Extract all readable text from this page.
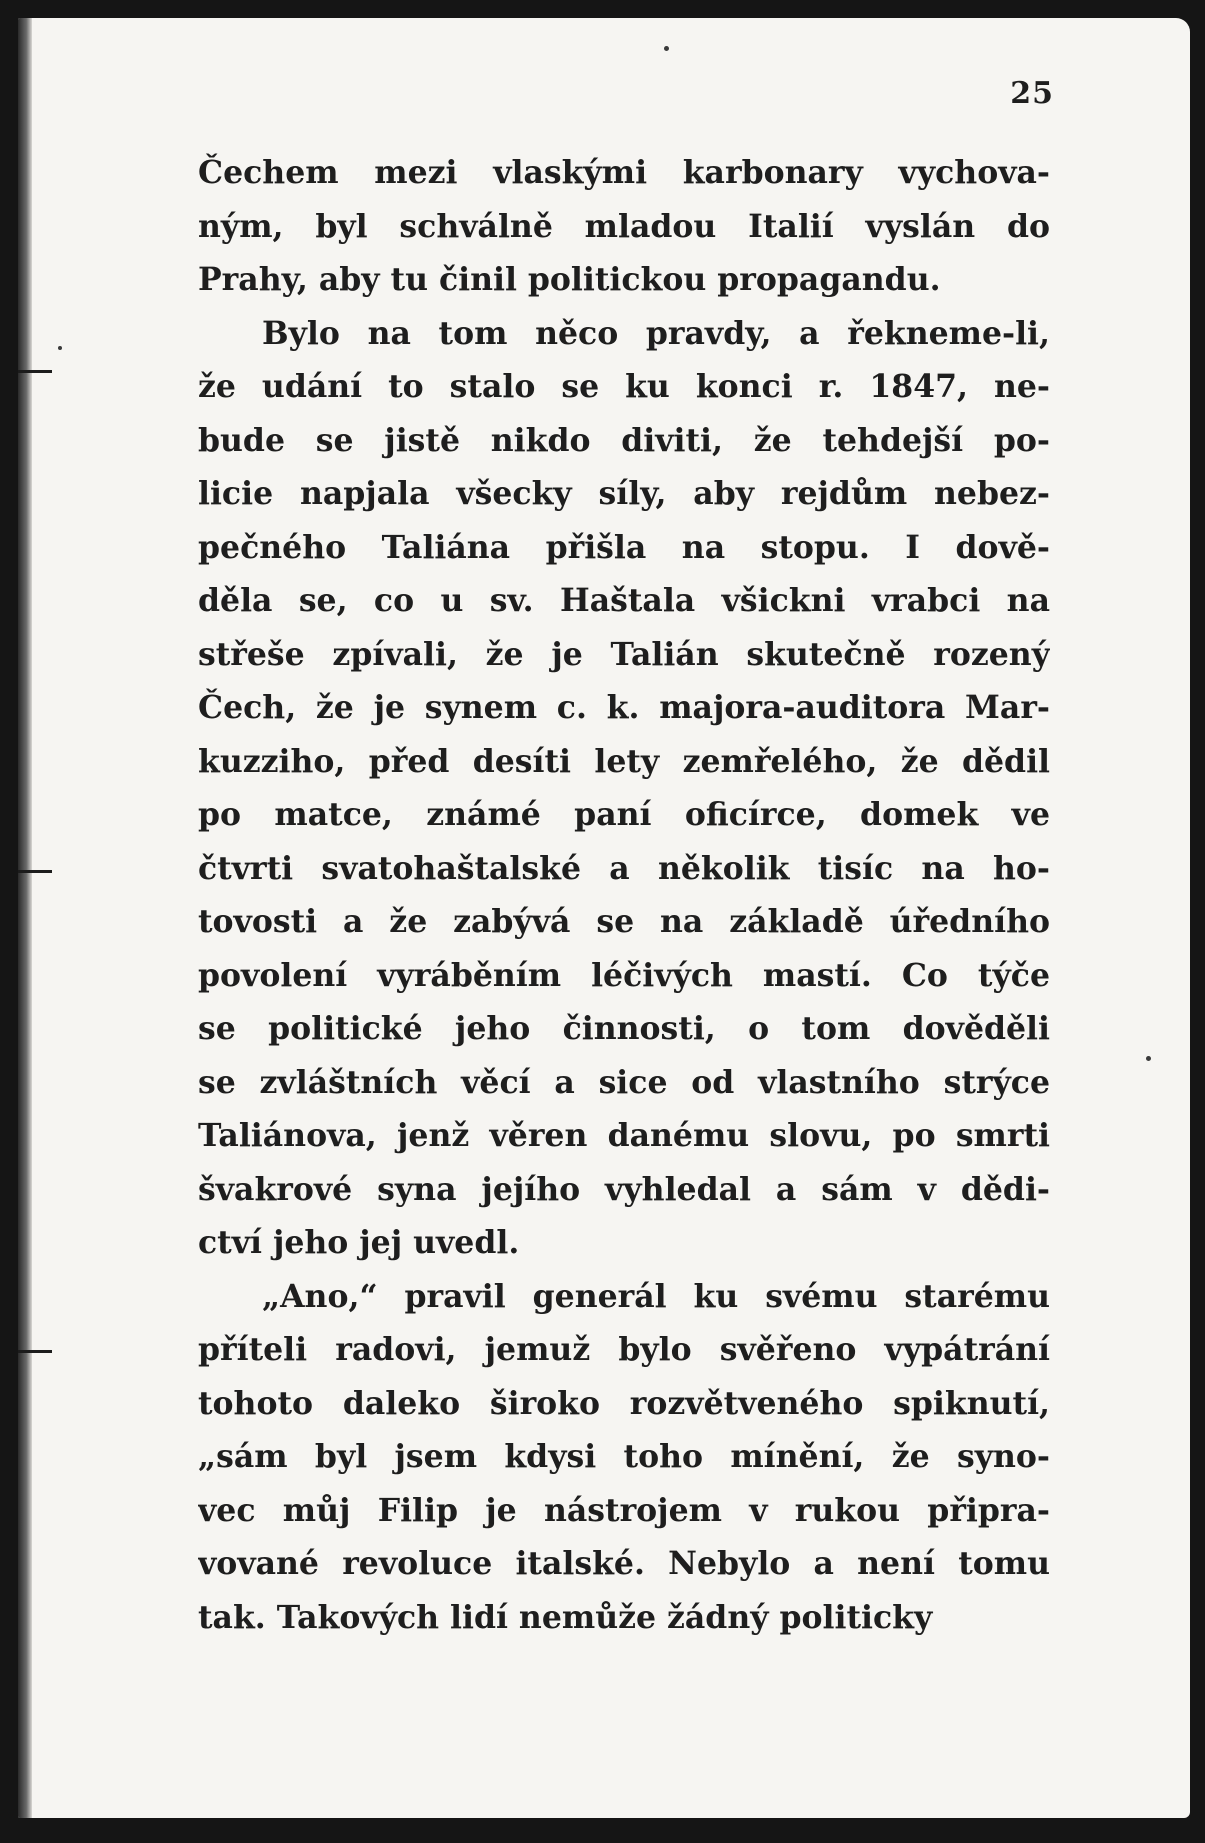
25
Čechem mezi vlaskými karbonary vychova-
ným, byl schválně mladou Italií vyslán do
Prahy, aby tu činil politickou propagandu.
Bylo na tom něco pravdy, a řekneme-li,
že udání to stalo se ku konci r. 1847, ne-
bude se jistě nikdo diviti, že tehdejší po-
licie napjala všecky síly, aby rejdům nebez-
pečného Taliána přišla na stopu. I dově-
děla se, co u sv. Haštala všickni vrabci na
střeše zpívali, že je Talián skutečně rozený
Čech, že je synem c. k. majora-auditora Mar-
kuzziho, před desíti lety zemřelého, že dědil
po matce, známé paní oficírce, domek ve
čtvrti svatohaštalské a několik tisíc na ho-
tovosti a že zabývá se na základě úředního
povolení vyráběním léčivých mastí. Co týče
se politické jeho činnosti, o tom dověděli
se zvláštních věcí a sice od vlastního strýce
Taliánova, jenž věren danému slovu, po smrti
švakrové syna jejího vyhledal a sám v dědi-
ctví jeho jej uvedl.
„Ano,“ pravil generál ku svému starému
příteli radovi, jemuž bylo svěřeno vypátrání
tohoto daleko široko rozvětveného spiknutí,
„sám byl jsem kdysi toho mínění, že syno-
vec můj Filip je nástrojem v rukou připra-
vované revoluce italské. Nebylo a není tomu
tak. Takových lidí nemůže žádný politicky
